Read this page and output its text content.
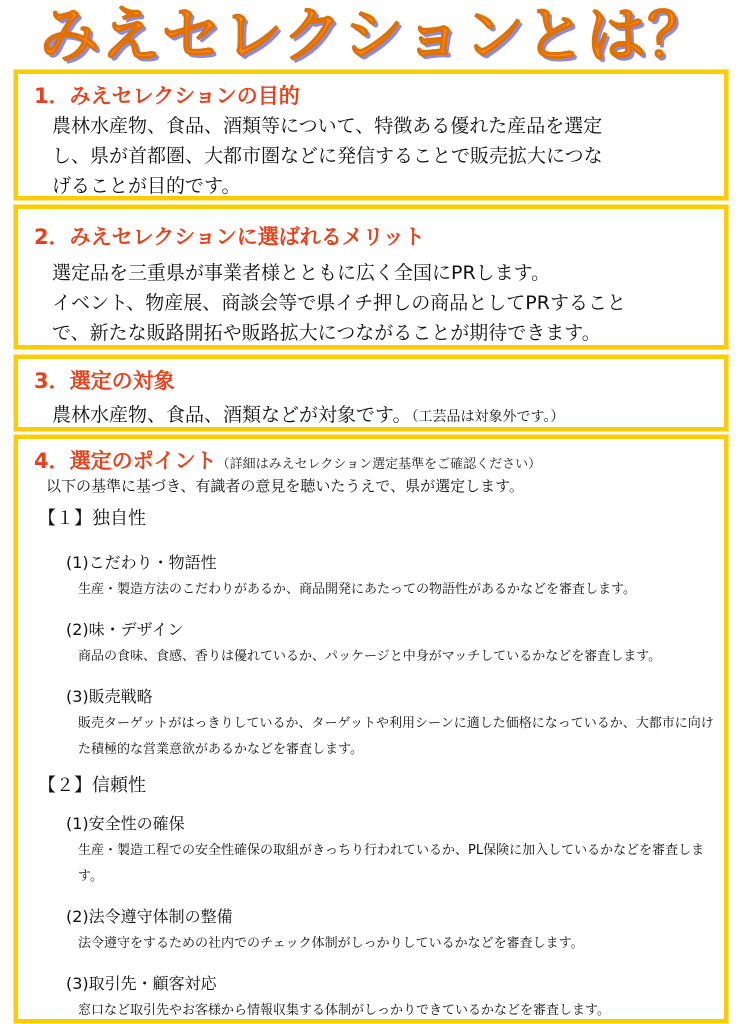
みえセレクションとは？
1．みえセレクションの目的
農林水産物、食品、酒類等について、特徴ある優れた産品を選定
し、県が首都圏、大都市圏などに発信することで販売拡大につな
げることが目的です。
2．みえセレクションに選ばれるメリット
選定品を三重県が事業者様とともに広く全国にPRします。
イベント、物産展、商談会等で県イチ押しの商品としてPRすること
で、新たな販路開拓や販路拡大につながることが期待できます。
3．選定の対象
農林水産物、食品、酒類などが対象です。（工芸品は対象外です。）
4．選定のポイント（詳細はみえセレクション選定基準をご確認ください）
以下の基準に基づき、有識者の意見を聴いたうえで、県が選定します。
【１】独自性
(1)こだわり・物語性
生産・製造方法のこだわりがあるか、商品開発にあたっての物語性があるかなどを審査します。
(2)味・デザイン
商品の食味、食感、香りは優れているか、パッケージと中身がマッチしているかなどを審査します。
(3)販売戦略
販売ターゲットがはっきりしているか、ターゲットや利用シーンに適した価格になっているか、大都市に向けた積極的な営業意欲があるかなどを審査します。
【２】信頼性
(1)安全性の確保
生産・製造工程での安全性確保の取組がきっちり行われているか、PL保険に加入しているかなどを審査します。
(2)法令遵守体制の整備
法令遵守をするための社内でのチェック体制がしっかりしているかなどを審査します。
(3)取引先・顧客対応
窓口など取引先やお客様から情報収集する体制がしっかりできているかなどを審査します。
